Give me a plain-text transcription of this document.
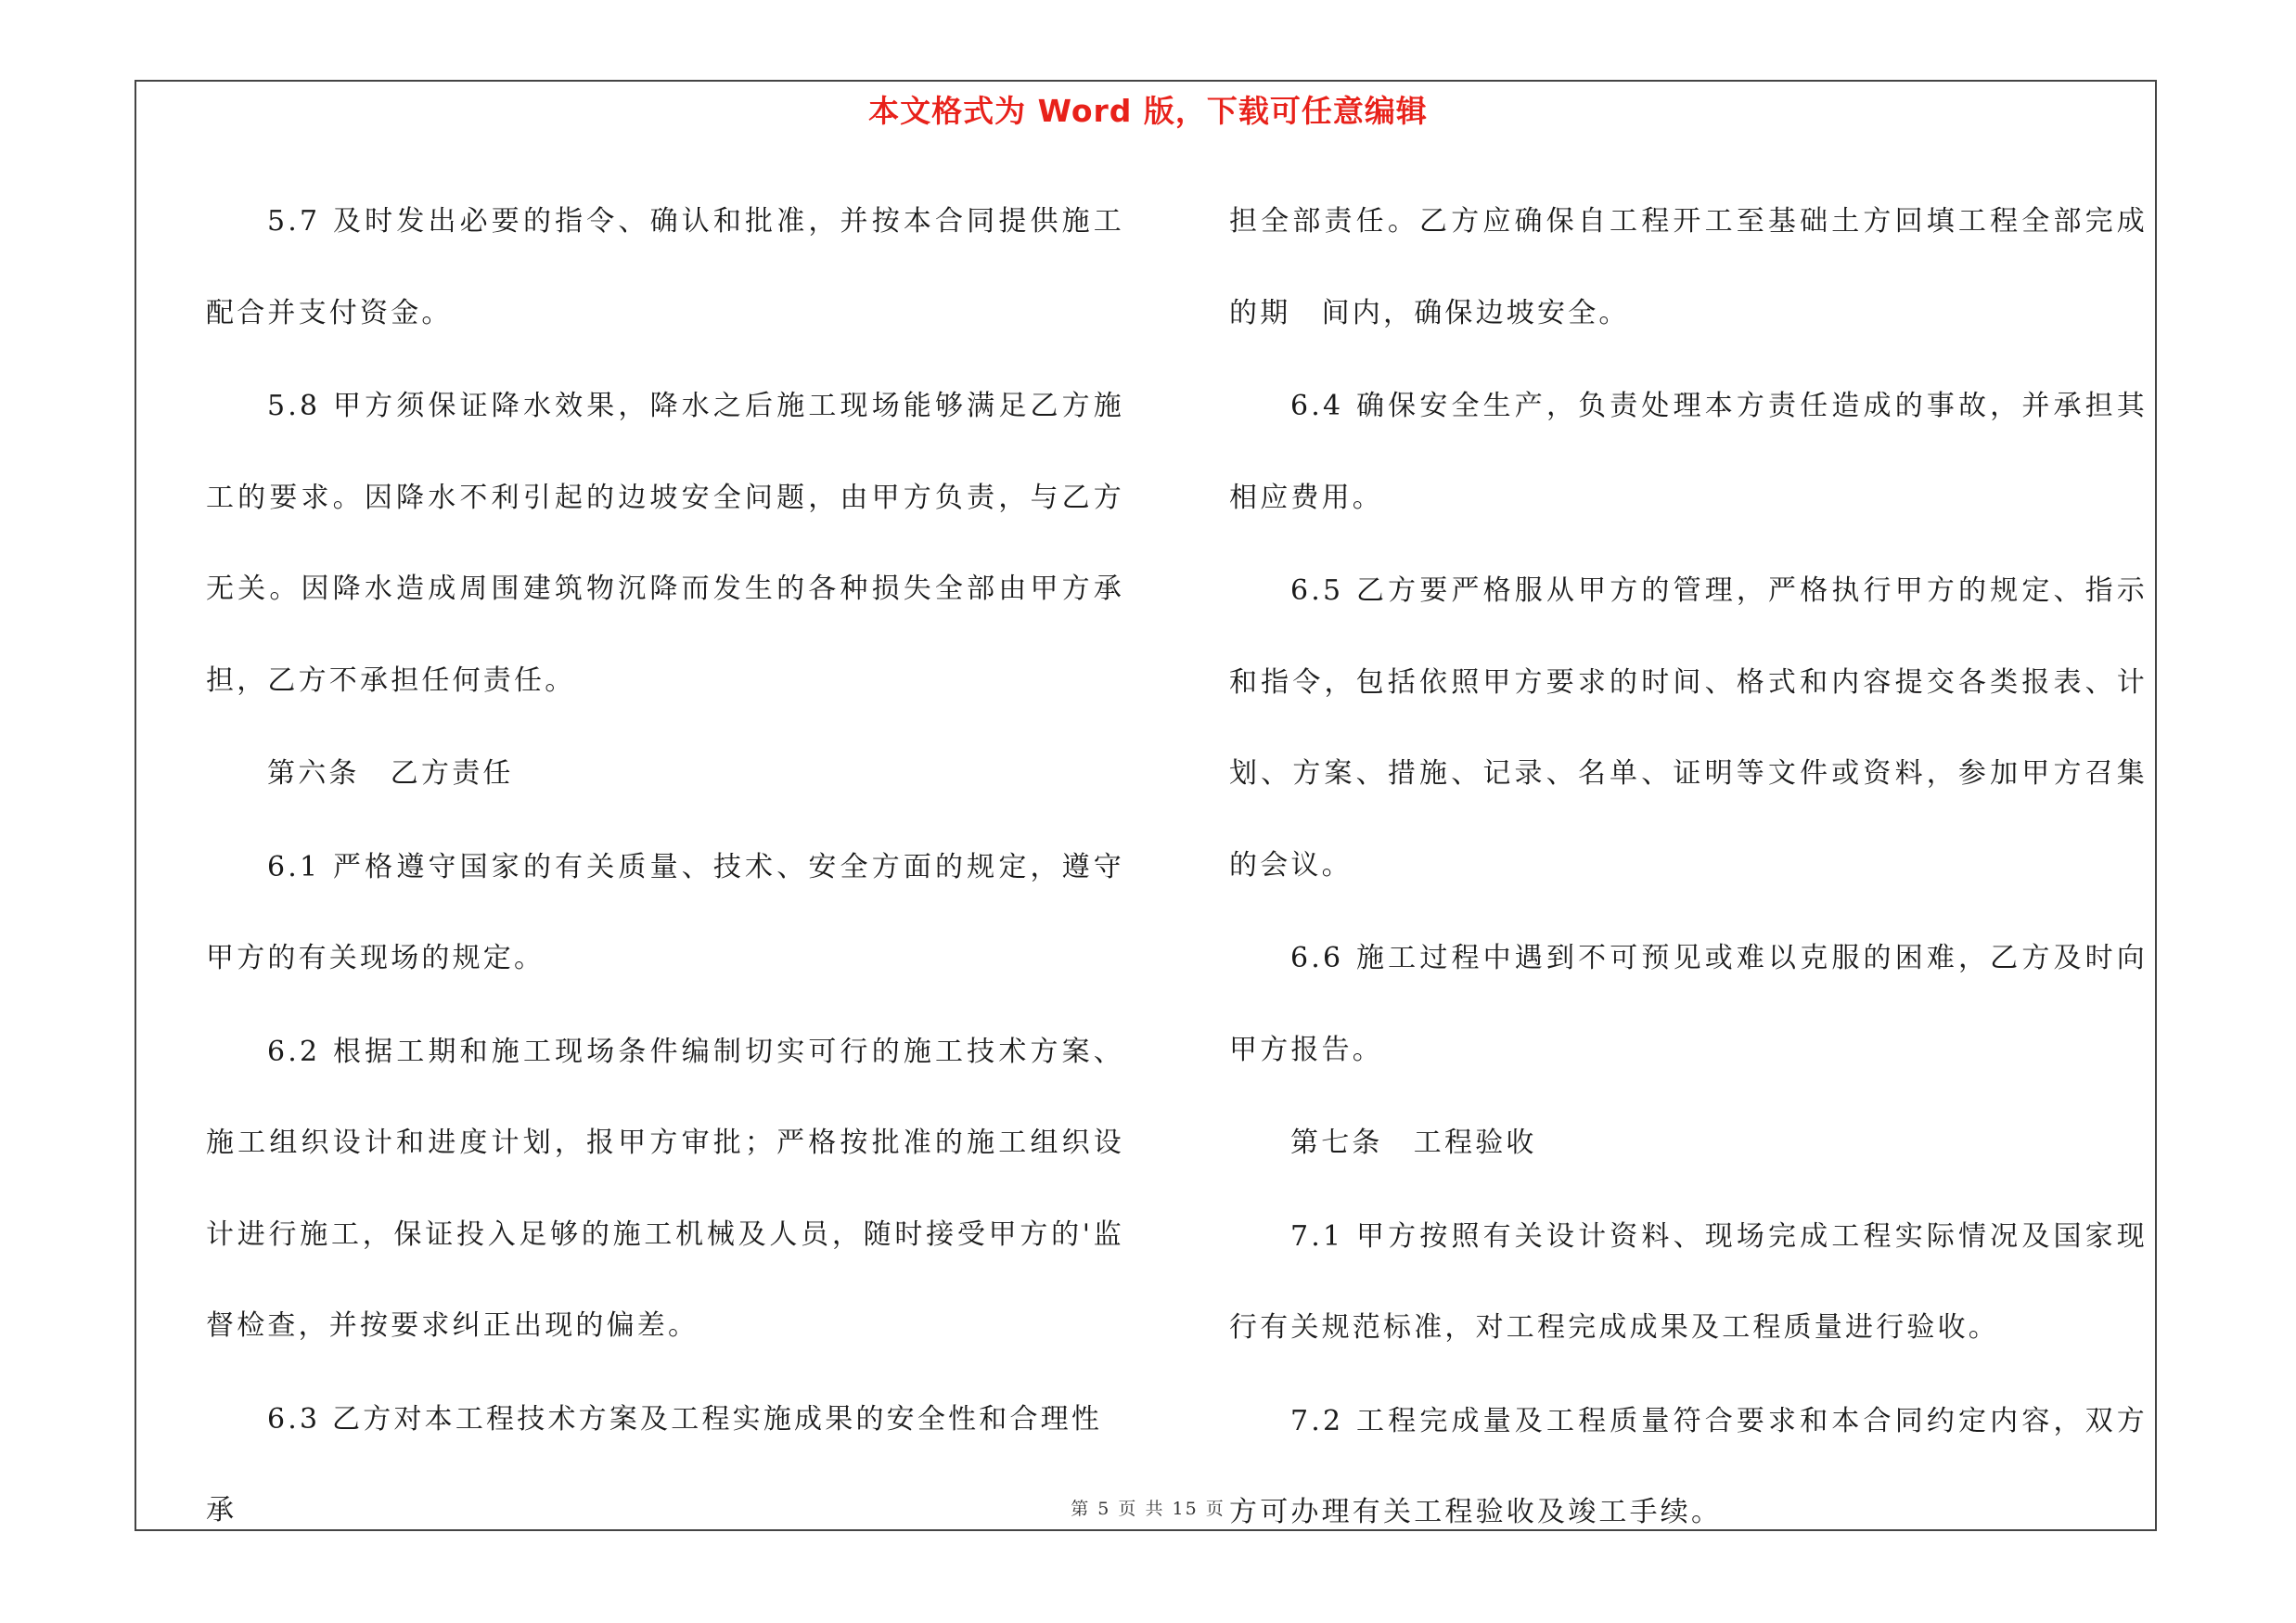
本文格式为 Word 版，下载可任意编辑

5.7 及时发出必要的指令、确认和批准，并按本合同提供施工配合并支付资金。

5.8 甲方须保证降水效果，降水之后施工现场能够满足乙方施工的要求。因降水不利引起的边坡安全问题，由甲方负责，与乙方无关。因降水造成周围建筑物沉降而发生的各种损失全部由甲方承担，乙方不承担任何责任。

第六条　乙方责任

6.1 严格遵守国家的有关质量、技术、安全方面的规定，遵守甲方的有关现场的规定。

6.2 根据工期和施工现场条件编制切实可行的施工技术方案、施工组织设计和进度计划，报甲方审批；严格按批准的施工组织设计进行施工，保证投入足够的施工机械及人员，随时接受甲方的'监督检查，并按要求纠正出现的偏差。

6.3 乙方对本工程技术方案及工程实施成果的安全性和合理性承

担全部责任。乙方应确保自工程开工至基础土方回填工程全部完成的期　间内，确保边坡安全。

6.4 确保安全生产，负责处理本方责任造成的事故，并承担其相应费用。

6.5 乙方要严格服从甲方的管理，严格执行甲方的规定、指示和指令，包括依照甲方要求的时间、格式和内容提交各类报表、计划、方案、措施、记录、名单、证明等文件或资料，参加甲方召集的会议。

6.6 施工过程中遇到不可预见或难以克服的困难，乙方及时向甲方报告。

第七条　工程验收

7.1 甲方按照有关设计资料、现场完成工程实际情况及国家现行有关规范标准，对工程完成成果及工程质量进行验收。

7.2 工程完成量及工程质量符合要求和本合同约定内容，双方方可办理有关工程验收及竣工手续。

第 5 页 共 15 页
